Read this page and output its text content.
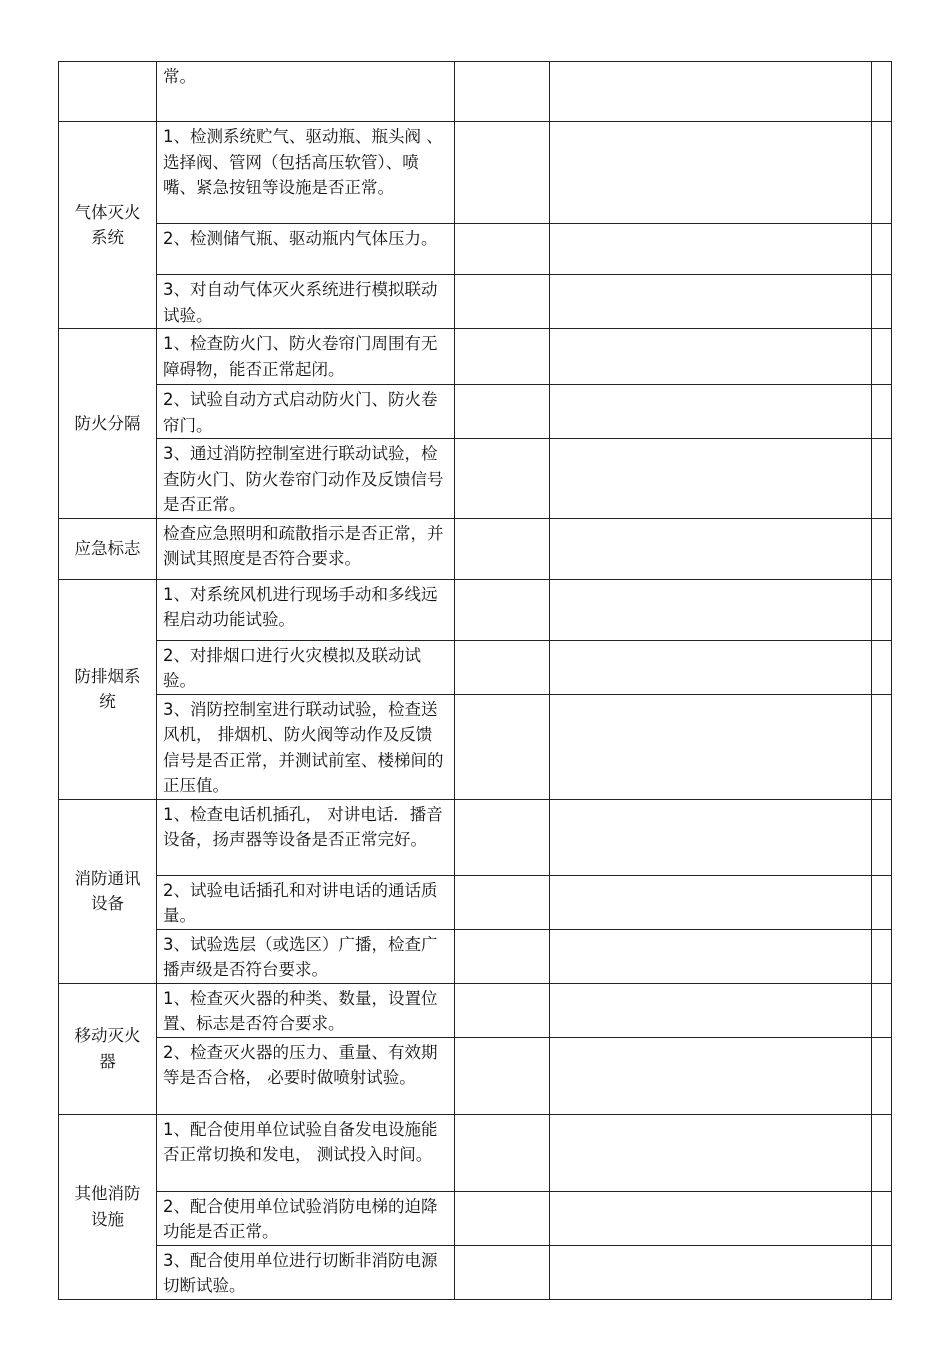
	常。			

气体灭火系统	1、检测系统贮气、驱动瓶、瓶头阀 、选择阀、管网（包括高压软管）、喷嘴、紧急按钮等设施是否正常。			

	2、检测储气瓶、驱动瓶内气体压力。			

	3、对自动气体灭火系统进行模拟联动试验。			

防火分隔	1、检查防火门、防火卷帘门周围有无障碍物，能否正常起闭。			

	2、试验自动方式启动防火门、防火卷帘门。			

	3、通过消防控制室进行联动试验，检查防火门、防火卷帘门动作及反馈信号是否正常。			

应急标志	检查应急照明和疏散指示是否正常，并测试其照度是否符合要求。			

防排烟系统	1、对系统风机进行现场手动和多线远程启动功能试验。			

	2、对排烟口进行火灾模拟及联动试验。			

	3、消防控制室进行联动试验，检查送风机， 排烟机、防火阀等动作及反馈信号是否正常，并测试前室、楼梯间的正压值。			

消防通讯设备	1、检查电话机插孔， 对讲电话．播音设备，扬声器等设备是否正常完好。			

	2、试验电话插孔和对讲电话的通话质量。			

	3、试验选层（或选区）广播，检查广播声级是否符台要求。			

移动灭火器	1、检查灭火器的种类、数量，设置位置、标志是否符合要求。			

	2、检查灭火器的压力、重量、有效期等是否合格， 必要时做喷射试验。			

其他消防设施	1、配合使用单位试验自备发电设施能否正常切换和发电， 测试投入时间。			

	2、配合使用单位试验消防电梯的迫降功能是否正常。			

	3、配合使用单位进行切断非消防电源切断试验。			
